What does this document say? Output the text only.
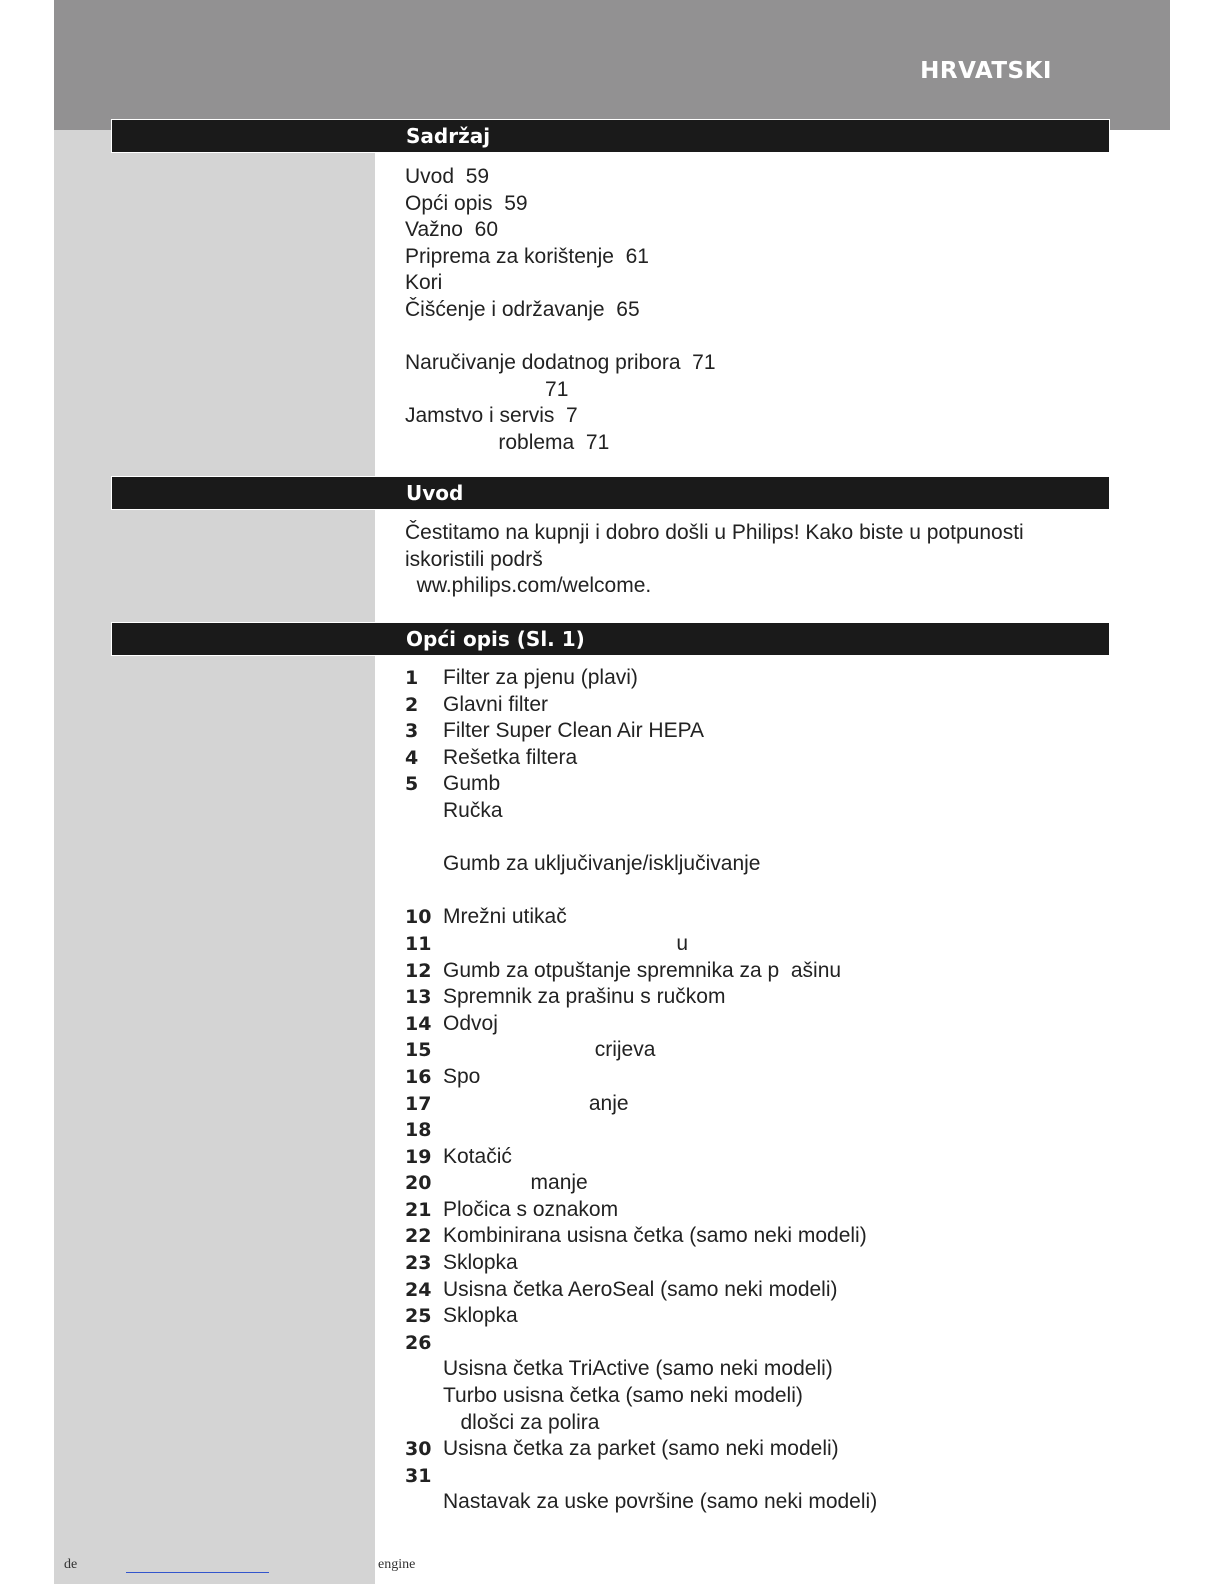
HRVATSKI
Sadržaj
Uvod  59
Opći opis  59
Važno  60
Priprema za korištenje  61
Kori
Čišćenje i održavanje  65
Naručivanje dodatnog pribora  71
71
Jamstvo i servis  7
roblema  71
Uvod
Čestitamo na kupnji i dobro došli u Philips! Kako biste u potpunosti
iskoristili podrš
ww.philips.com/welcome.
Opći opis (Sl. 1)
1 Filter za pjenu (plavi)
2 Glavni filter
3 Filter Super Clean Air HEPA
4 Rešetka filtera
5 Gumb
Ručka
Gumb za uključivanje/isključivanje
10 Mrežni utikač
11                                        u
12 Gumb za otpuštanje spremnika za p  ašinu
13 Spremnik za prašinu s ručkom
14 Odvoj
15                          crijeva
16 Spo
17                         anje
18
19 Kotačić
20               manje
21 Pločica s oznakom
22 Kombinirana usisna četka (samo neki modeli)
23 Sklopka
24 Usisna četka AeroSeal (samo neki modeli)
25 Sklopka
26
Usisna četka TriActive (samo neki modeli)
Turbo usisna četka (samo neki modeli)
dlošci za polira
30 Usisna četka za parket (samo neki modeli)
31
Nastavak za uske površine (samo neki modeli)
de	engine
